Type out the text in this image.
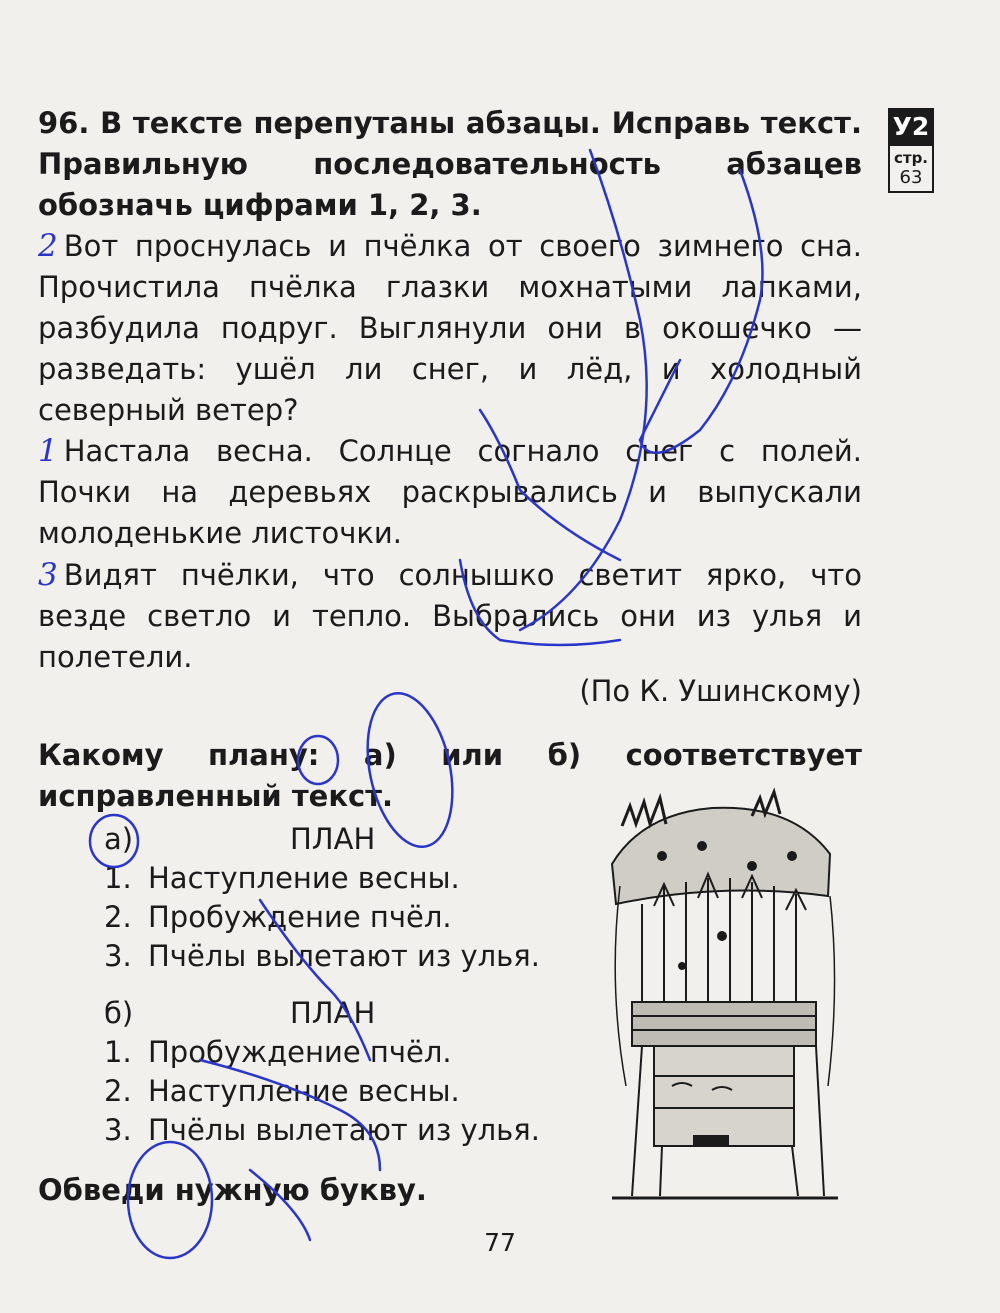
У2
стр.
63
96. В тексте перепутаны абзацы. Исправь текст. Правильную последовательность абзацев обозначь цифрами 1, 2, 3.
2 Вот проснулась и пчёлка от своего зимнего сна. Прочистила пчёлка глазки мохнатыми лапками, разбудила подруг. Выглянули они в окошечко — разведать: ушёл ли снег, и лёд, и холодный северный ветер?
1 Настала весна. Солнце согнало снег с полей. Почки на деревьях раскрывались и выпускали молоденькие листочки.
3 Видят пчёлки, что солнышко светит ярко, что везде светло и тепло. Выбрались они из улья и полетели.
(По К. Ушинскому)
Какому плану: а) или б) соответствует исправленный текст.
а)	ПЛАН
1. Наступление весны.
2. Пробуждение пчёл.
3. Пчёлы вылетают из улья.
б)	ПЛАН
1. Пробуждение пчёл.
2. Наступление весны.
3. Пчёлы вылетают из улья.
Обведи нужную букву.
77
